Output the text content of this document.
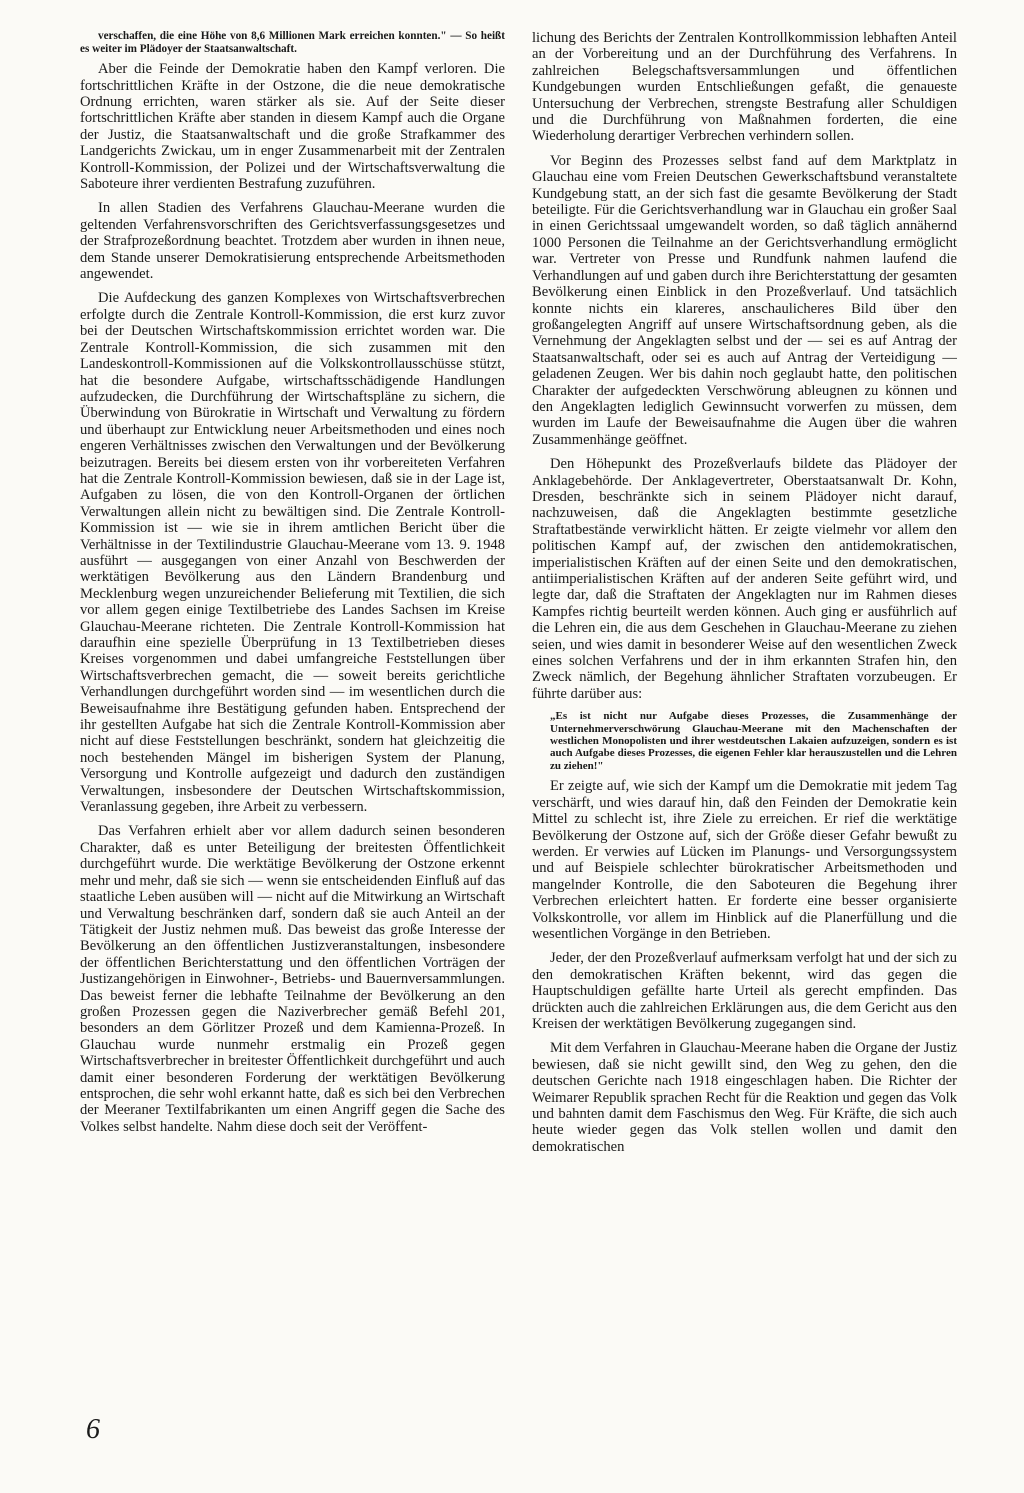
verschaffen, die eine Höhe von 8,6 Millionen Mark erreichen konnten." — So heißt es weiter im Plädoyer der Staatsanwaltschaft.

Aber die Feinde der Demokratie haben den Kampf verloren. Die fortschrittlichen Kräfte in der Ostzone, die die neue demokratische Ordnung errichten, waren stärker als sie. Auf der Seite dieser fortschrittlichen Kräfte aber standen in diesem Kampf auch die Organe der Justiz, die Staatsanwaltschaft und die große Strafkammer des Landgerichts Zwickau, um in enger Zusammenarbeit mit der Zentralen Kontroll-Kommission, der Polizei und der Wirtschaftsverwaltung die Saboteure ihrer verdienten Bestrafung zuzuführen.

In allen Stadien des Verfahrens Glauchau-Meerane wurden die geltenden Verfahrensvorschriften des Gerichtsverfassungsgesetzes und der Strafprozeßordnung beachtet. Trotzdem aber wurden in ihnen neue, dem Stande unserer Demokratisierung entsprechende Arbeitsmethoden angewendet.

Die Aufdeckung des ganzen Komplexes von Wirtschaftsverbrechen erfolgte durch die Zentrale Kontroll-Kommission, die erst kurz zuvor bei der Deutschen Wirtschaftskommission errichtet worden war. Die Zentrale Kontroll-Kommission, die sich zusammen mit den Landeskontroll-Kommissionen auf die Volkskontrollausschüsse stützt, hat die besondere Aufgabe, wirtschaftsschädigende Handlungen aufzudecken, die Durchführung der Wirtschaftspläne zu sichern, die Überwindung von Bürokratie in Wirtschaft und Verwaltung zu fördern und überhaupt zur Entwicklung neuer Arbeitsmethoden und eines noch engeren Verhältnisses zwischen den Verwaltungen und der Bevölkerung beizutragen. Bereits bei diesem ersten von ihr vorbereiteten Verfahren hat die Zentrale Kontroll-Kommission bewiesen, daß sie in der Lage ist, Aufgaben zu lösen, die von den Kontroll-Organen der örtlichen Verwaltungen allein nicht zu bewältigen sind. Die Zentrale Kontroll-Kommission ist — wie sie in ihrem amtlichen Bericht über die Verhältnisse in der Textilindustrie Glauchau-Meerane vom 13. 9. 1948 ausführt — ausgegangen von einer Anzahl von Beschwerden der werktätigen Bevölkerung aus den Ländern Brandenburg und Mecklenburg wegen unzureichender Belieferung mit Textilien, die sich vor allem gegen einige Textilbetriebe des Landes Sachsen im Kreise Glauchau-Meerane richteten. Die Zentrale Kontroll-Kommission hat daraufhin eine spezielle Überprüfung in 13 Textilbetrieben dieses Kreises vorgenommen und dabei umfangreiche Feststellungen über Wirtschaftsverbrechen gemacht, die — soweit bereits gerichtliche Verhandlungen durchgeführt worden sind — im wesentlichen durch die Beweisaufnahme ihre Bestätigung gefunden haben. Entsprechend der ihr gestellten Aufgabe hat sich die Zentrale Kontroll-Kommission aber nicht auf diese Feststellungen beschränkt, sondern hat gleichzeitig die noch bestehenden Mängel im bisherigen System der Planung, Versorgung und Kontrolle aufgezeigt und dadurch den zuständigen Verwaltungen, insbesondere der Deutschen Wirtschaftskommission, Veranlassung gegeben, ihre Arbeit zu verbessern.

Das Verfahren erhielt aber vor allem dadurch seinen besonderen Charakter, daß es unter Beteiligung der breitesten Öffentlichkeit durchgeführt wurde. Die werktätige Bevölkerung der Ostzone erkennt mehr und mehr, daß sie sich — wenn sie entscheidenden Einfluß auf das staatliche Leben ausüben will — nicht auf die Mitwirkung an Wirtschaft und Verwaltung beschränken darf, sondern daß sie auch Anteil an der Tätigkeit der Justiz nehmen muß. Das beweist das große Interesse der Bevölkerung an den öffentlichen Justizveranstaltungen, insbesondere der öffentlichen Berichterstattung und den öffentlichen Vorträgen der Justizangehörigen in Einwohner-, Betriebs- und Bauernversammlungen. Das beweist ferner die lebhafte Teilnahme der Bevölkerung an den großen Prozessen gegen die Naziverbrecher gemäß Befehl 201, besonders an dem Görlitzer Prozeß und dem Kamienna-Prozeß. In Glauchau wurde nunmehr erstmalig ein Prozeß gegen Wirtschaftsverbrecher in breitester Öffentlichkeit durchgeführt und auch damit einer besonderen Forderung der werktätigen Bevölkerung entsprochen, die sehr wohl erkannt hatte, daß es sich bei den Verbrechen der Meeraner Textilfabrikanten um einen Angriff gegen die Sache des Volkes selbst handelte. Nahm diese doch seit der Veröffent-

lichung des Berichts der Zentralen Kontrollkommission lebhaften Anteil an der Vorbereitung und an der Durchführung des Verfahrens. In zahlreichen Belegschaftsversammlungen und öffentlichen Kundgebungen wurden Entschließungen gefaßt, die genaueste Untersuchung der Verbrechen, strengste Bestrafung aller Schuldigen und die Durchführung von Maßnahmen forderten, die eine Wiederholung derartiger Verbrechen verhindern sollen.

Vor Beginn des Prozesses selbst fand auf dem Marktplatz in Glauchau eine vom Freien Deutschen Gewerkschaftsbund veranstaltete Kundgebung statt, an der sich fast die gesamte Bevölkerung der Stadt beteiligte. Für die Gerichtsverhandlung war in Glauchau ein großer Saal in einen Gerichtssaal umgewandelt worden, so daß täglich annähernd 1000 Personen die Teilnahme an der Gerichtsverhandlung ermöglicht war. Vertreter von Presse und Rundfunk nahmen laufend die Verhandlungen auf und gaben durch ihre Berichterstattung der gesamten Bevölkerung einen Einblick in den Prozeßverlauf. Und tatsächlich konnte nichts ein klareres, anschaulicheres Bild über den großangelegten Angriff auf unsere Wirtschaftsordnung geben, als die Vernehmung der Angeklagten selbst und der — sei es auf Antrag der Staatsanwaltschaft, oder sei es auch auf Antrag der Verteidigung — geladenen Zeugen. Wer bis dahin noch geglaubt hatte, den politischen Charakter der aufgedeckten Verschwörung ableugnen zu können und den Angeklagten lediglich Gewinnsucht vorwerfen zu müssen, dem wurden im Laufe der Beweisaufnahme die Augen über die wahren Zusammenhänge geöffnet.

Den Höhepunkt des Prozeßverlaufs bildete das Plädoyer der Anklagebehörde. Der Anklagevertreter, Oberstaatsanwalt Dr. Kohn, Dresden, beschränkte sich in seinem Plädoyer nicht darauf, nachzuweisen, daß die Angeklagten bestimmte gesetzliche Straftatbestände verwirklicht hätten. Er zeigte vielmehr vor allem den politischen Kampf auf, der zwischen den antidemokratischen, imperialistischen Kräften auf der einen Seite und den demokratischen, antiimperialistischen Kräften auf der anderen Seite geführt wird, und legte dar, daß die Straftaten der Angeklagten nur im Rahmen dieses Kampfes richtig beurteilt werden können. Auch ging er ausführlich auf die Lehren ein, die aus dem Geschehen in Glauchau-Meerane zu ziehen seien, und wies damit in besonderer Weise auf den wesentlichen Zweck eines solchen Verfahrens und der in ihm erkannten Strafen hin, den Zweck nämlich, der Begehung ähnlicher Straftaten vorzubeugen. Er führte darüber aus:

„Es ist nicht nur Aufgabe dieses Prozesses, die Zusammenhänge der Unternehmerverschwörung Glauchau-Meerane mit den Machenschaften der westlichen Monopolisten und ihrer westdeutschen Lakaien aufzuzeigen, sondern es ist auch Aufgabe dieses Prozesses, die eigenen Fehler klar herauszustellen und die Lehren zu ziehen!"

Er zeigte auf, wie sich der Kampf um die Demokratie mit jedem Tag verschärft, und wies darauf hin, daß den Feinden der Demokratie kein Mittel zu schlecht ist, ihre Ziele zu erreichen. Er rief die werktätige Bevölkerung der Ostzone auf, sich der Größe dieser Gefahr bewußt zu werden. Er verwies auf Lücken im Planungs- und Versorgungssystem und auf Beispiele schlechter bürokratischer Arbeitsmethoden und mangelnder Kontrolle, die den Saboteuren die Begehung ihrer Verbrechen erleichtert hatten. Er forderte eine besser organisierte Volkskontrolle, vor allem im Hinblick auf die Planerfüllung und die wesentlichen Vorgänge in den Betrieben.

Jeder, der den Prozeßverlauf aufmerksam verfolgt hat und der sich zu den demokratischen Kräften bekennt, wird das gegen die Hauptschuldigen gefällte harte Urteil als gerecht empfinden. Das drückten auch die zahlreichen Erklärungen aus, die dem Gericht aus den Kreisen der werktätigen Bevölkerung zugegangen sind.

Mit dem Verfahren in Glauchau-Meerane haben die Organe der Justiz bewiesen, daß sie nicht gewillt sind, den Weg zu gehen, den die deutschen Gerichte nach 1918 eingeschlagen haben. Die Richter der Weimarer Republik sprachen Recht für die Reaktion und gegen das Volk und bahnten damit dem Faschismus den Weg. Für Kräfte, die sich auch heute wieder gegen das Volk stellen wollen und damit den demokratischen

6
